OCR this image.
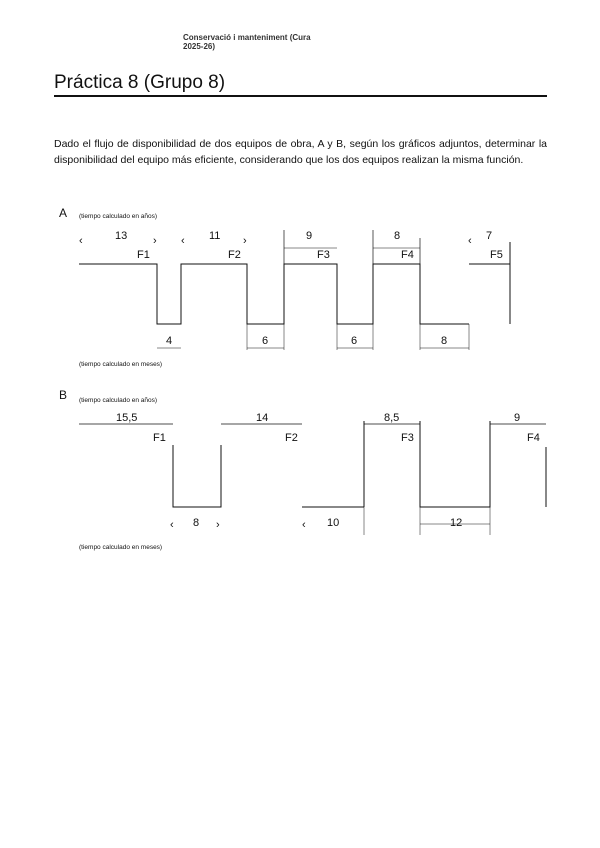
Conservació i manteniment (Cura
2025-26)
Práctica 8 (Grupo 8)
Dado el flujo de disponibilidad de dos equipos de obra, A y B, según los gráficos adjuntos, determinar la disponibilidad del equipo más eficiente, considerando que los dos equipos realizan la misma función.
A (tiempo calculado en años)
‹	› ‹	›	‹
13	11	9	8	7
F1	F2	F3	F4	F5
4	6	6	8
(tiempo calculado en meses)
B (tiempo calculado en años)
15,5	14	8,5	9
F1	F2	F3	F4
‹	›	‹
8	10	12
(tiempo calculado en meses)
